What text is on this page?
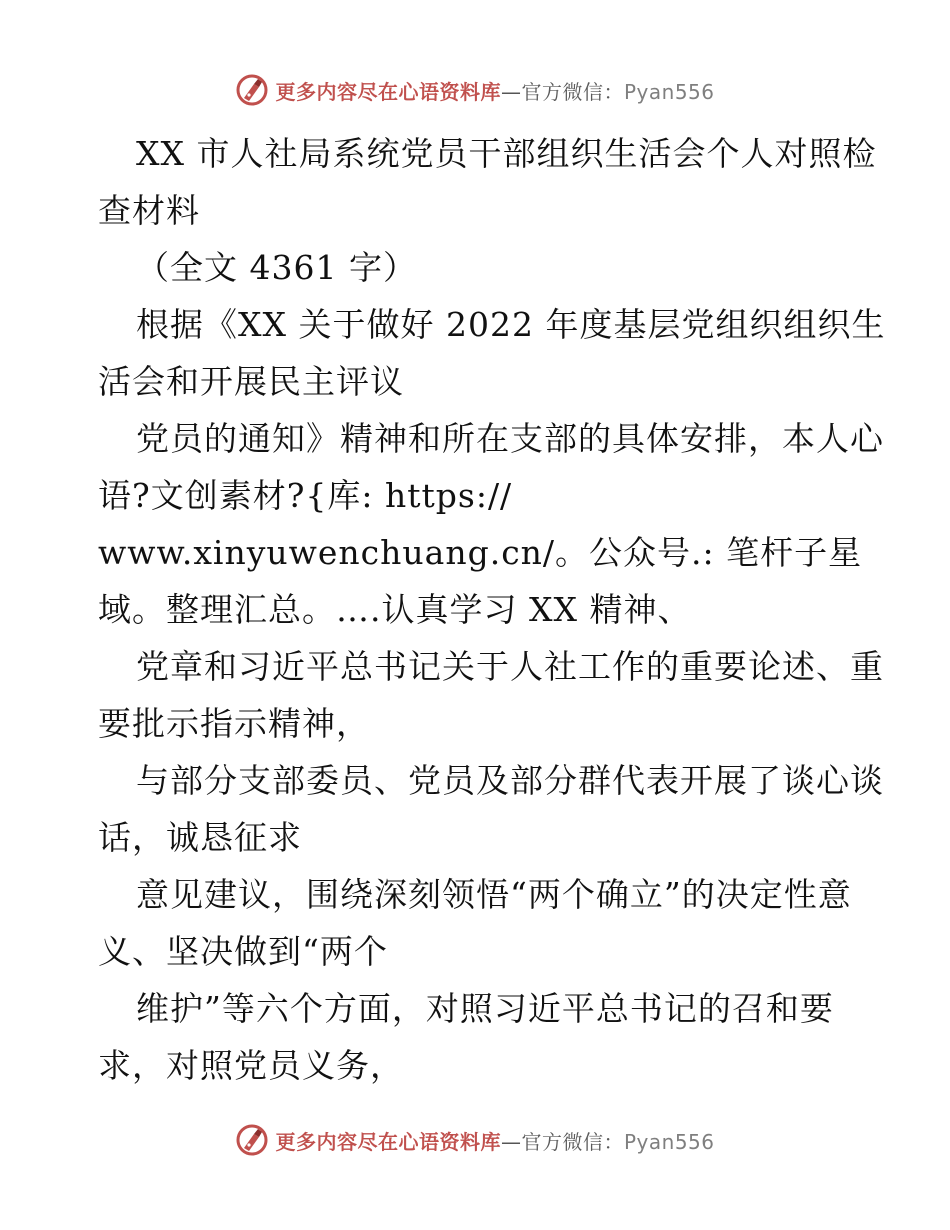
更多内容尽在心语资料库—官方微信：Pyan556

XX 市人社局系统党员干部组织生活会个人对照检查材料

（全文 4361 字）

根据《XX 关于做好 2022 年度基层党组织组织生活会和开展民主评议

党员的通知》精神和所在支部的具体安排，本人心语?文创素材?{库: https://

www.xinyuwenchuang.cn/。公众号.: 笔杆子星域。整理汇总。….认真学习 XX 精神、

党章和习近平总书记关于人社工作的重要论述、重要批示指示精神，

与部分支部委员、党员及部分群代表开展了谈心谈话，诚恳征求

意见建议，围绕深刻领悟“两个确立”的决定性意义、坚决做到“两个

维护”等六个方面，对照习近平总书记的召和要求，对照党员义务，

更多内容尽在心语资料库—官方微信：Pyan556
